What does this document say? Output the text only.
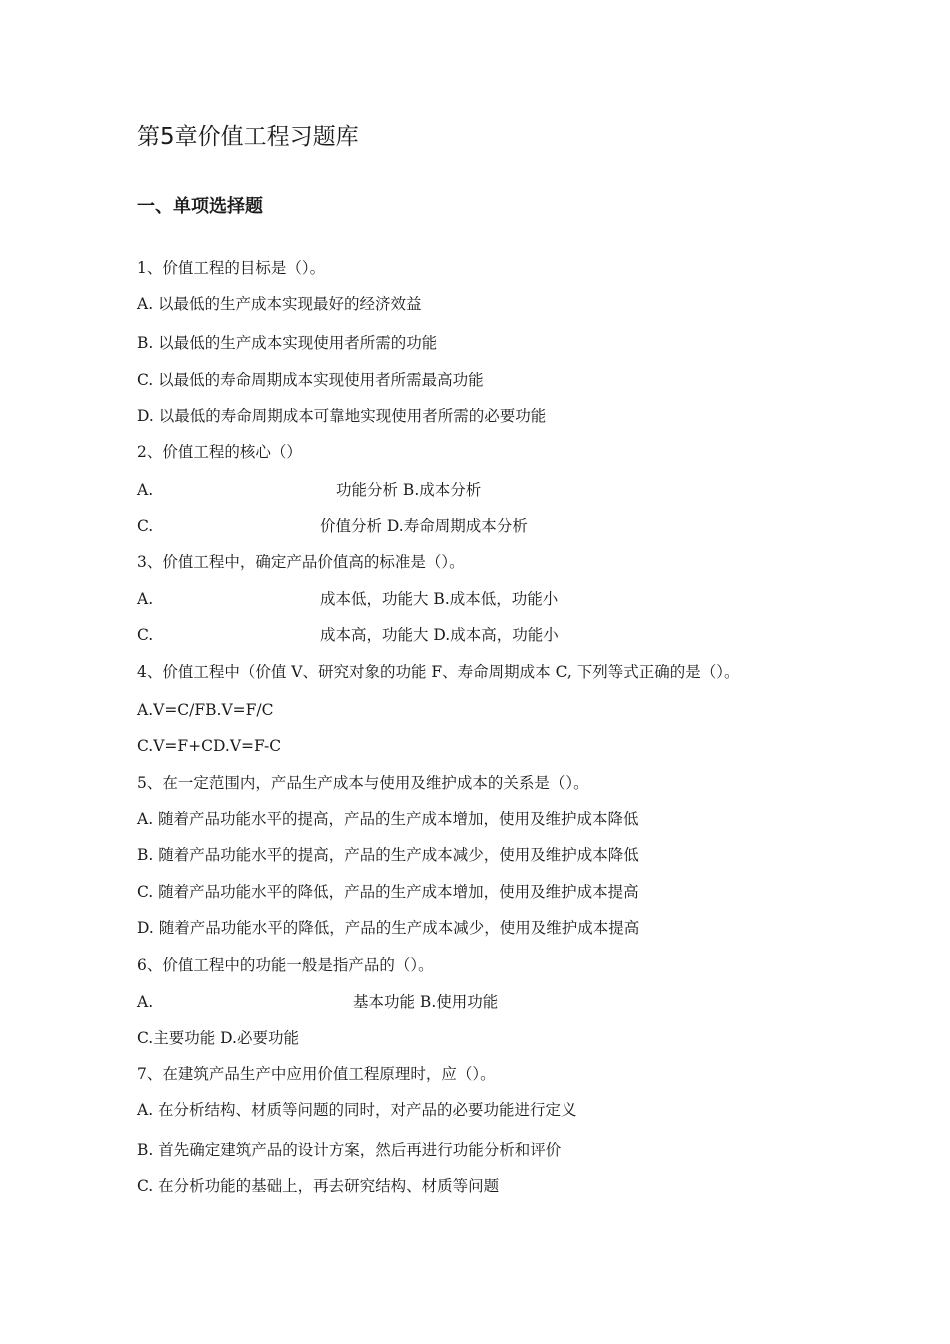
第5章价值工程习题库
一、单项选择题
1、价值工程的目标是（）。
A. 以最低的生产成本实现最好的经济效益
B. 以最低的生产成本实现使用者所需的功能
C. 以最低的寿命周期成本实现使用者所需最高功能
D. 以最低的寿命周期成本可靠地实现使用者所需的必要功能
2、价值工程的核心（）
A.	功能分析 B.成本分析
C.	价值分析 D.寿命周期成本分析
3、价值工程中，确定产品价值高的标准是（）。
A.	成本低，功能大 B.成本低，功能小
C.	成本高，功能大 D.成本高，功能小
4、价值工程中（价值 V、研究对象的功能 F、寿命周期成本 C, 下列等式正确的是（）。
A.V=C/FB.V=F/C
C.V=F+CD.V=F-C
5、在一定范围内，产品生产成本与使用及维护成本的关系是（）。
A. 随着产品功能水平的提高，产品的生产成本增加，使用及维护成本降低
B. 随着产品功能水平的提高，产品的生产成本减少，使用及维护成本降低
C. 随着产品功能水平的降低，产品的生产成本增加，使用及维护成本提高
D. 随着产品功能水平的降低，产品的生产成本减少，使用及维护成本提高
6、价值工程中的功能一般是指产品的（）。
A.	基本功能 B.使用功能
C.主要功能 D.必要功能
7、在建筑产品生产中应用价值工程原理时，应（）。
A. 在分析结构、材质等问题的同时，对产品的必要功能进行定义
B. 首先确定建筑产品的设计方案，然后再进行功能分析和评价
C. 在分析功能的基础上，再去研究结构、材质等问题
